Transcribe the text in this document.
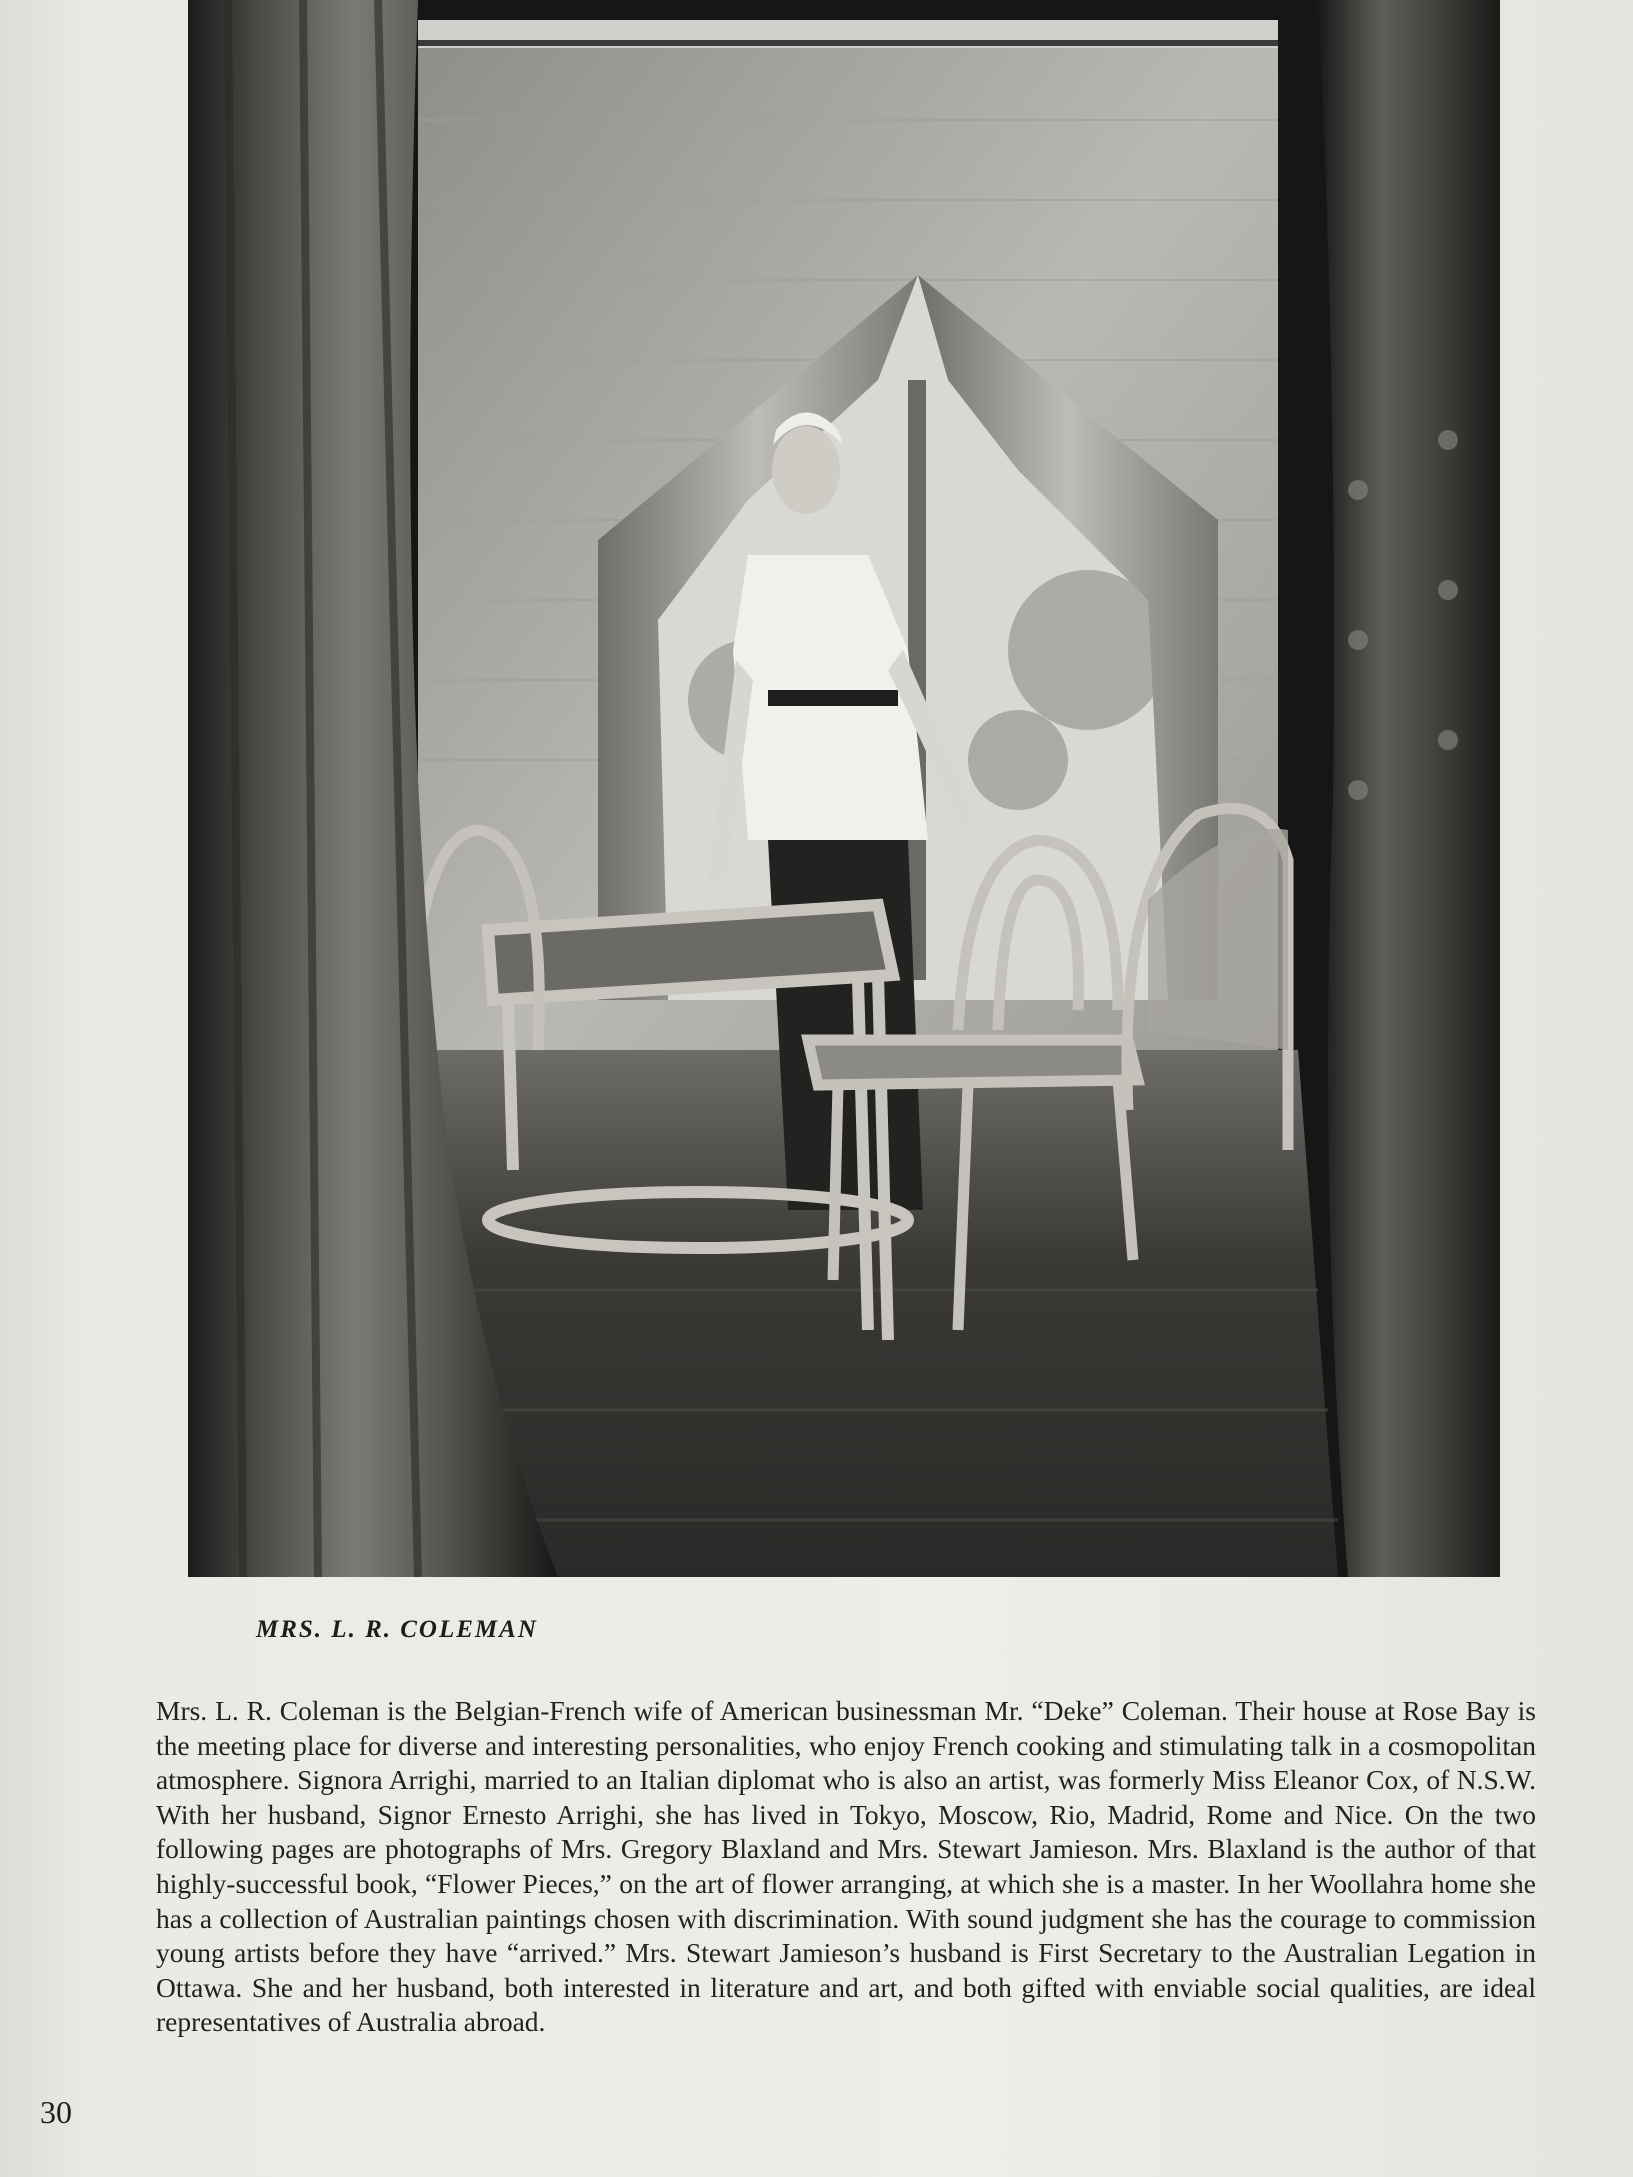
MRS. L. R. COLEMAN

Mrs. L. R. Coleman is the Belgian-French wife of American businessman Mr. “Deke” Coleman. Their house at Rose Bay is the meeting place for diverse and interesting personalities, who enjoy French cooking and stimulating talk in a cosmopolitan atmosphere. Signora Arrighi, married to an Italian diplomat who is also an artist, was formerly Miss Eleanor Cox, of N.S.W. With her husband, Signor Ernesto Arrighi, she has lived in Tokyo, Moscow, Rio, Madrid, Rome and Nice. On the two following pages are photographs of Mrs. Gregory Blaxland and Mrs. Stewart Jamieson. Mrs. Blaxland is the author of that highly-successful book, “Flower Pieces,” on the art of flower arranging, at which she is a master. In her Woollahra home she has a collection of Australian paintings chosen with discrimination. With sound judgment she has the courage to commission young artists before they have “arrived.” Mrs. Stewart Jamieson’s husband is First Secretary to the Australian Legation in Ottawa. She and her husband, both interested in literature and art, and both gifted with enviable social qualities, are ideal representatives of Australia abroad.

30
